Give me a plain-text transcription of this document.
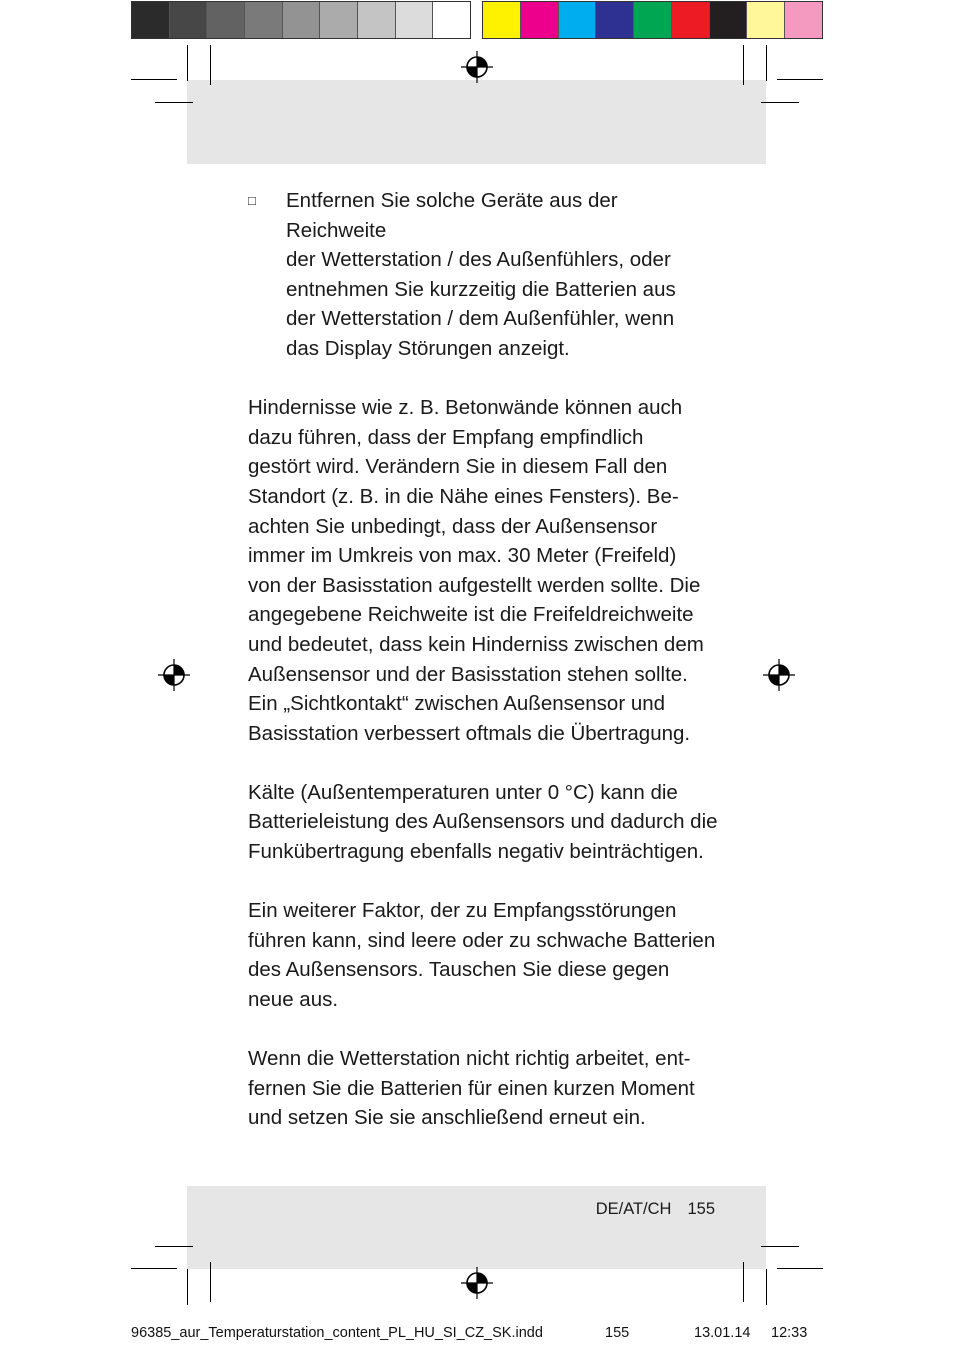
□ Entfernen Sie solche Geräte aus der Reichweite
der Wetterstation / des Außenfühlers, oder
entnehmen Sie kurzzeitig die Batterien aus
der Wetterstation / dem Außenfühler, wenn
das Display Störungen anzeigt.

Hindernisse wie z. B. Betonwände können auch
dazu führen, dass der Empfang empfindlich
gestört wird. Verändern Sie in diesem Fall den
Standort (z. B. in die Nähe eines Fensters). Be-
achten Sie unbedingt, dass der Außensensor
immer im Umkreis von max. 30 Meter (Freifeld)
von der Basisstation aufgestellt werden sollte. Die
angegebene Reichweite ist die Freifeldreichweite
und bedeutet, dass kein Hinderniss zwischen dem
Außensensor und der Basisstation stehen sollte.
Ein „Sichtkontakt“ zwischen Außensensor und
Basisstation verbessert oftmals die Übertragung.

Kälte (Außentemperaturen unter 0 °C) kann die
Batterieleistung des Außensensors und dadurch die
Funkübertragung ebenfalls negativ beinträchtigen.

Ein weiterer Faktor, der zu Empfangsstörungen
führen kann, sind leere oder zu schwache Batterien
des Außensensors. Tauschen Sie diese gegen
neue aus.

Wenn die Wetterstation nicht richtig arbeitet, ent-
fernen Sie die Batterien für einen kurzen Moment
und setzen Sie sie anschließend erneut ein.

DE/AT/CH 155
96385_aur_Temperaturstation_content_PL_HU_SI_CZ_SK.indd	155	13.01.14 12:33
